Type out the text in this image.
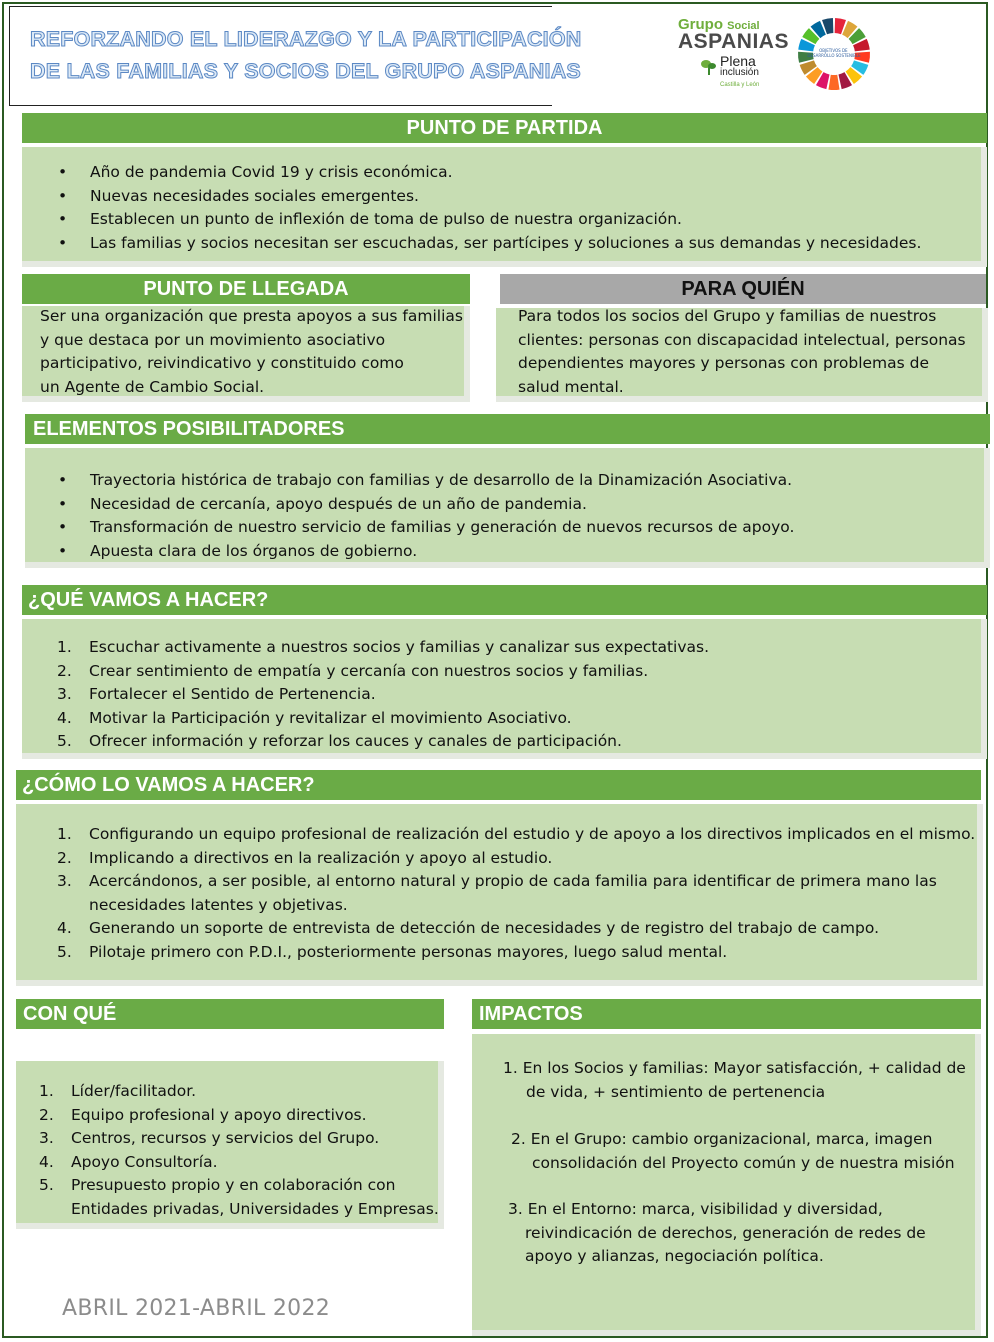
REFORZANDO EL LIDERAZGO Y LA PARTICIPACIÓN
DE LAS FAMILIAS Y SOCIOS DEL GRUPO ASPANIAS
Grupo Social
ASPANIAS
Plena
inclusión
Castilla y León
OBJETIVOS DE DESARROLLO SOSTENIBLE
PUNTO DE PARTIDA
• Año de pandemia Covid 19 y crisis económica.
• Nuevas necesidades sociales emergentes.
• Establecen un punto de inflexión de toma de pulso de nuestra organización.
• Las familias y socios necesitan ser escuchadas, ser partícipes y soluciones a sus demandas y necesidades.
PUNTO DE LLEGADA
Ser una organización que presta apoyos a sus familias
y que destaca por un movimiento asociativo
participativo, reivindicativo y constituido como
un Agente de Cambio Social.
PARA QUIÉN
Para todos los socios del Grupo y familias de nuestros
clientes: personas con discapacidad intelectual, personas
dependientes mayores y personas con problemas de
salud mental.
ELEMENTOS POSIBILITADORES
• Trayectoria histórica de trabajo con familias y de desarrollo de la Dinamización Asociativa.
• Necesidad de cercanía, apoyo después de un año de pandemia.
• Transformación de nuestro servicio de familias y generación de nuevos recursos de apoyo.
• Apuesta clara de los órganos de gobierno.
¿QUÉ VAMOS A HACER?
1. Escuchar activamente a nuestros socios y familias y canalizar sus expectativas.
2. Crear sentimiento de empatía y cercanía con nuestros socios y familias.
3. Fortalecer el Sentido de Pertenencia.
4. Motivar la Participación y revitalizar el movimiento Asociativo.
5. Ofrecer información y reforzar los cauces y canales de participación.
¿CÓMO LO VAMOS A HACER?
1. Configurando un equipo profesional de realización del estudio y de apoyo a los directivos implicados en el mismo.
2. Implicando a directivos en la realización y apoyo al estudio.
3. Acercándonos, a ser posible, al entorno natural y propio de cada familia para identificar de primera mano las
necesidades latentes y objetivas.
4. Generando un soporte de entrevista de detección de necesidades y de registro del trabajo de campo.
5. Pilotaje primero con P.D.I., posteriormente personas mayores, luego salud mental.
CON QUÉ
1. Líder/facilitador.
2. Equipo profesional y apoyo directivos.
3. Centros, recursos y servicios del Grupo.
4. Apoyo Consultoría.
5. Presupuesto propio y en colaboración con
Entidades privadas, Universidades y Empresas.
IMPACTOS
1. En los Socios y familias: Mayor satisfacción, + calidad de
de vida, + sentimiento de pertenencia
2. En el Grupo: cambio organizacional, marca, imagen
consolidación del Proyecto común y de nuestra misión
3. En el Entorno: marca, visibilidad y diversidad,
reivindicación de derechos, generación de redes de
apoyo y alianzas, negociación política.
ABRIL 2021-ABRIL 2022
